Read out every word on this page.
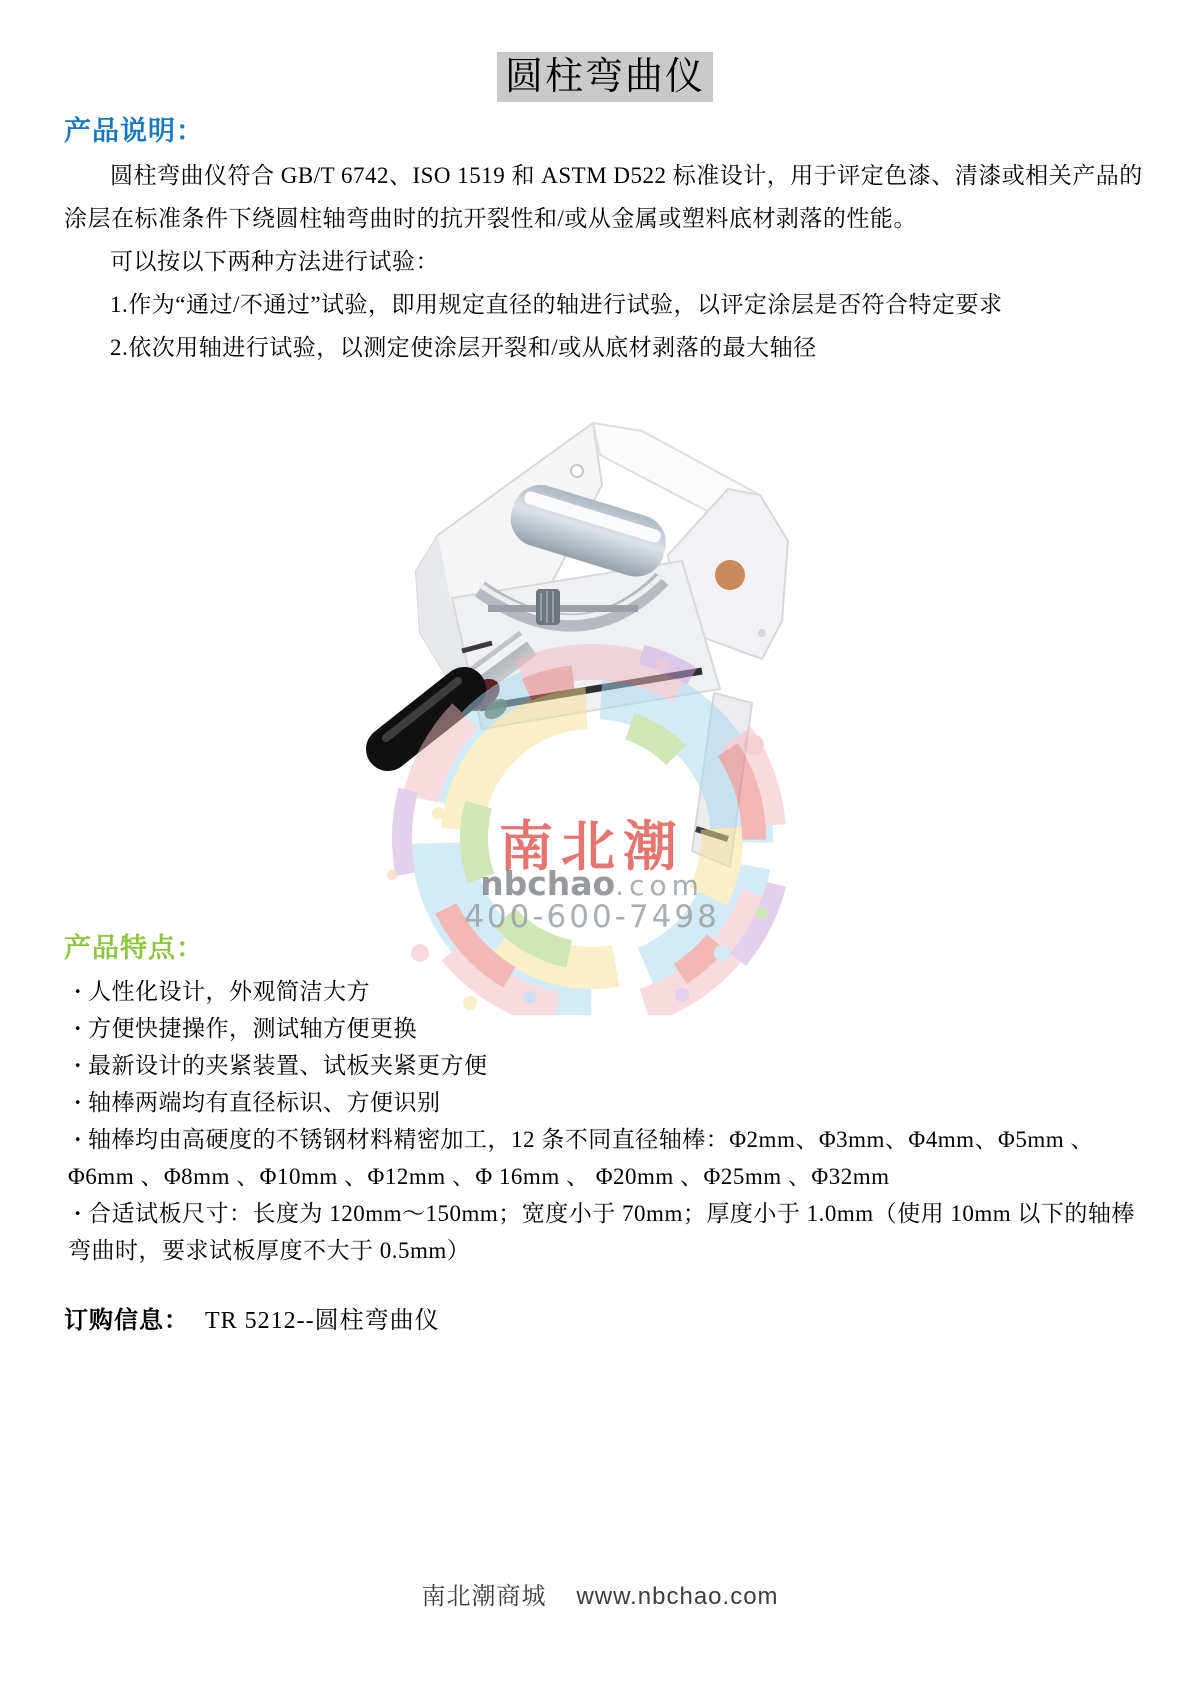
南北潮
nbchao.com
400-600-7498
圆柱弯曲仪
产品说明：

圆柱弯曲仪符合 GB/T 6742、ISO 1519 和 ASTM D522 标准设计，用于评定色漆、清漆或相关产品的涂层在标准条件下绕圆柱轴弯曲时的抗开裂性和/或从金属或塑料底材剥落的性能。

可以按以下两种方法进行试验：

1.作为“通过/不通过”试验，即用规定直径的轴进行试验，以评定涂层是否符合特定要求

2.依次用轴进行试验，以测定使涂层开裂和/或从底材剥落的最大轴径

产品特点：
· 人性化设计，外观简洁大方
· 方便快捷操作，测试轴方便更换
· 最新设计的夹紧装置、试板夹紧更方便
· 轴棒两端均有直径标识、方便识别
· 轴棒均由高硬度的不锈钢材料精密加工，12 条不同直径轴棒：Φ2mm、Φ3mm、Φ4mm、Φ5mm 、Φ6mm 、Φ8mm 、Φ10mm 、Φ12mm 、Φ 16mm 、 Φ20mm 、Φ25mm 、Φ32mm
· 合适试板尺寸：长度为 120mm～150mm；宽度小于 70mm；厚度小于 1.0mm（使用 10mm 以下的轴棒弯曲时，要求试板厚度不大于 0.5mm）

订购信息： TR 5212--圆柱弯曲仪

南北潮商城 www.nbchao.com
